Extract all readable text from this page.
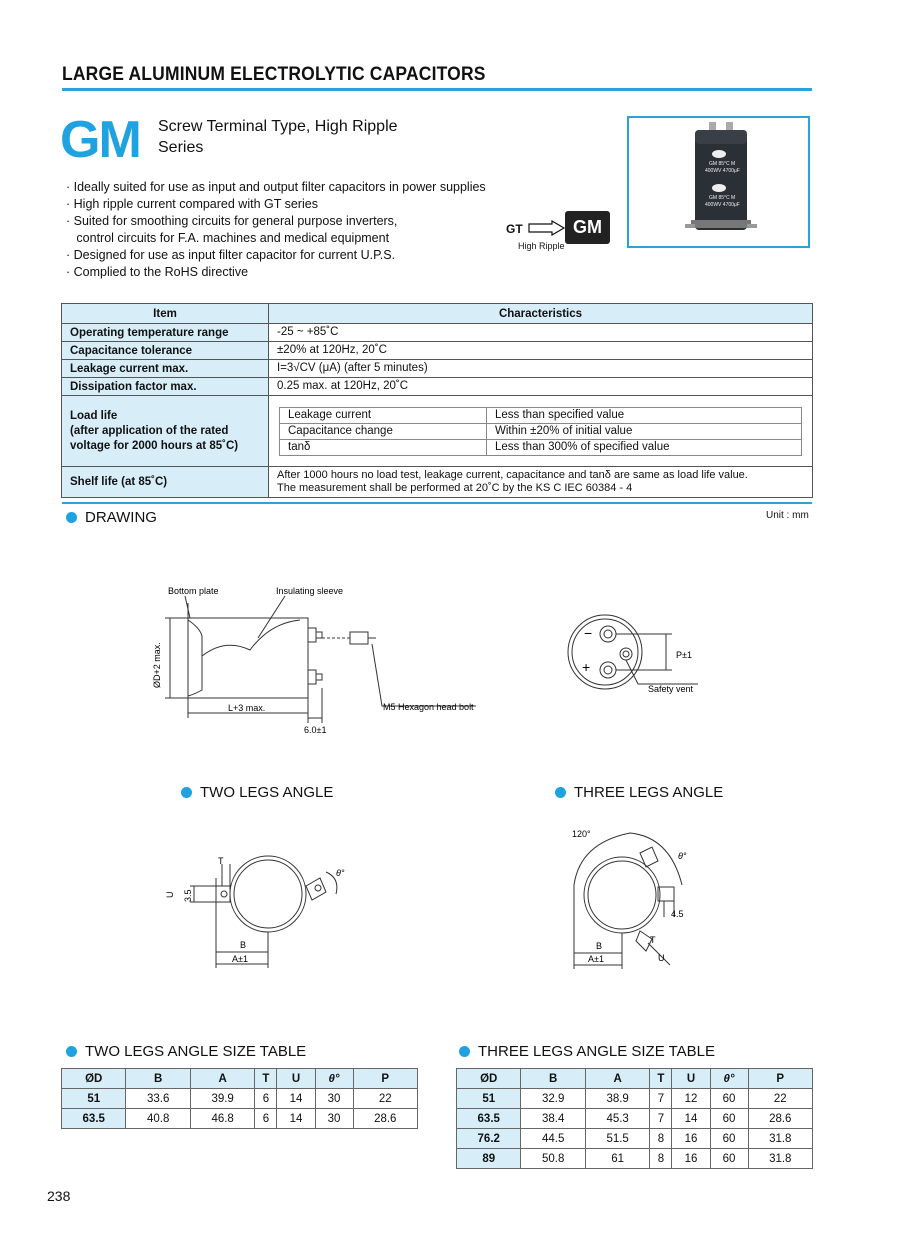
LARGE ALUMINUM ELECTROLYTIC CAPACITORS
GM Screw Terminal Type, High Ripple Series
GM 85°C M
400WV 4700μF
GM 85°C M
400WV 4700μF
· Ideally suited for use as input and output filter capacitors in power supplies
· High ripple current compared with GT series
· Suited for smoothing circuits for general purpose inverters,
control circuits for F.A. machines and medical equipment
· Designed for use as input filter capacitor for current U.P.S.
· Complied to the RoHS directive
GT	GM
High Ripple
Item	Characteristics
Operating temperature range	-25 ~ +85˚C
Capacitance tolerance	±20% at 120Hz, 20˚C
Leakage current max.	I=3√CV (μA) (after 5 minutes)
Dissipation factor max.	0.25 max. at 120Hz, 20˚C

Load life
(after application of the rated
voltage for 2000 hours at 85˚C)

Leakage current	Less than specified value
Capacitance change	Within ±20% of initial value
tanδ	Less than 300% of specified value

Shelf life (at 85˚C)	
After 1000 hours no load test, leakage current, capacitance and tanδ are same as load life value.
The measurement shall be performed at 20˚C by the KS C IEC 60384 - 4
DRAWING	Unit : mm
Bottom plate	Insulating sleeve
ØD+2 max.
L+3 max.	M5 Hexagon head bolt
6.0±1
−
+
P±1
Safety vent
TWO LEGS ANGLE
T
U 3.5
B
A±1
θ°
THREE LEGS ANGLE
120°
θ°
4.5
B
A±1
T
U
TWO LEGS ANGLE SIZE TABLE
ØD	B	A	T	U	θ°	P
51	33.6	39.9	6	14	30	22
63.5	40.8	46.8	6	14	30	28.6
THREE LEGS ANGLE SIZE TABLE
ØD	B	A	T	U	θ°	P
51	32.9	38.9	7	12	60	22
63.5	38.4	45.3	7	14	60	28.6
76.2	44.5	51.5	8	16	60	31.8
89	50.8	61	8	16	60	31.8
238
